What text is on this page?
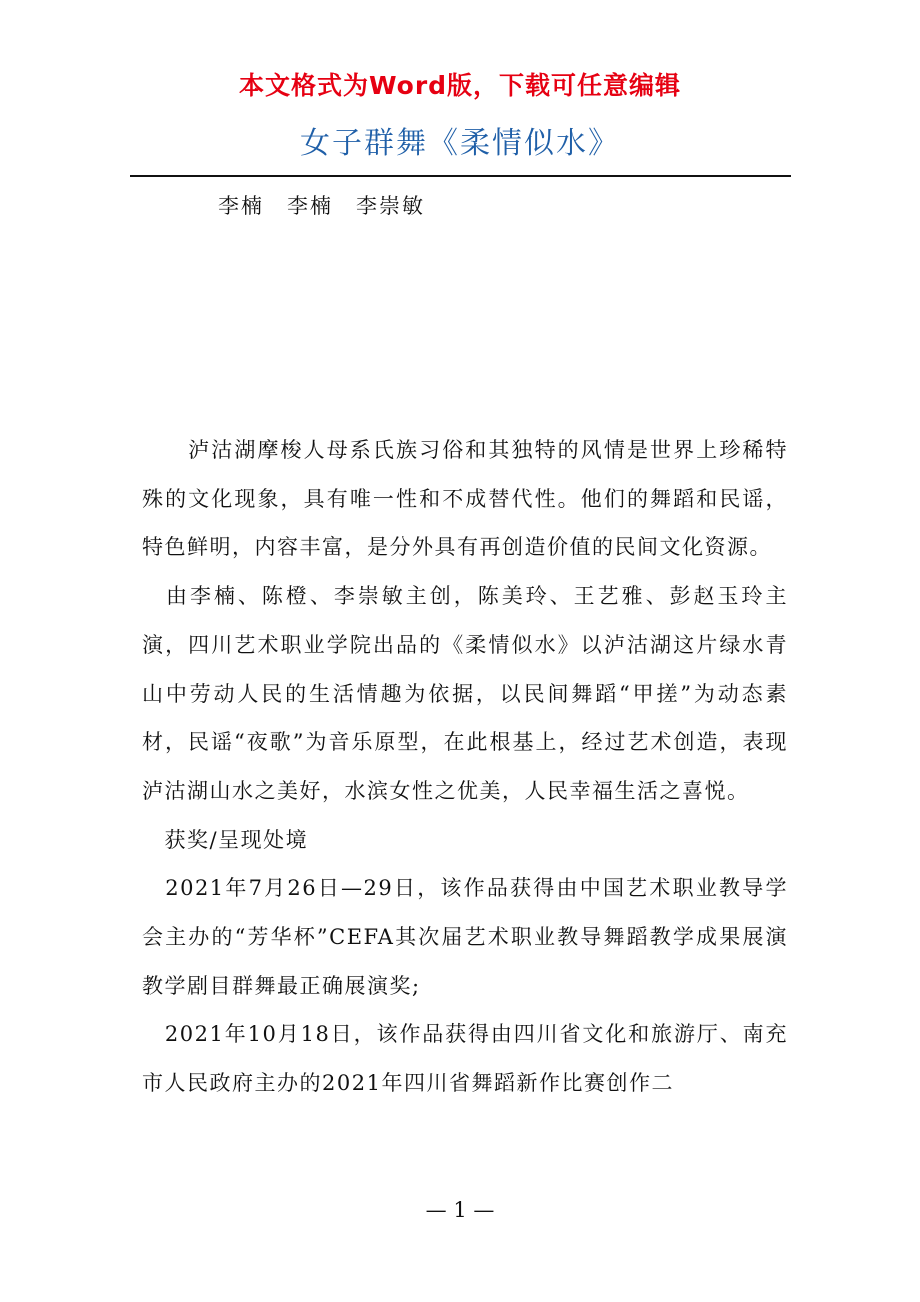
本文格式为Word版，下载可任意编辑
女子群舞《柔情似水》
李楠　李楠　李崇敏

　　泸沽湖摩梭人母系氏族习俗和其独特的风情是世界上珍稀特殊的文化现象，具有唯一性和不成替代性。他们的舞蹈和民谣，特色鲜明，内容丰富，是分外具有再创造价值的民间文化资源。

　由李楠、陈橙、李崇敏主创，陈美玲、王艺雅、彭赵玉玲主演，四川艺术职业学院出品的《柔情似水》以泸沽湖这片绿水青山中劳动人民的生活情趣为依据，以民间舞蹈“甲搓”为动态素材，民谣“夜歌”为音乐原型，在此根基上，经过艺术创造，表现泸沽湖山水之美好，水滨女性之优美，人民幸福生活之喜悦。

　获奖/呈现处境

　2021年7月26日—29日，该作品获得由中国艺术职业教导学会主办的“芳华杯”CEFA其次届艺术职业教导舞蹈教学成果展演教学剧目群舞最正确展演奖;

　2021年10月18日，该作品获得由四川省文化和旅游厅、南充市人民政府主办的2021年四川省舞蹈新作比赛创作二

— 1 —
